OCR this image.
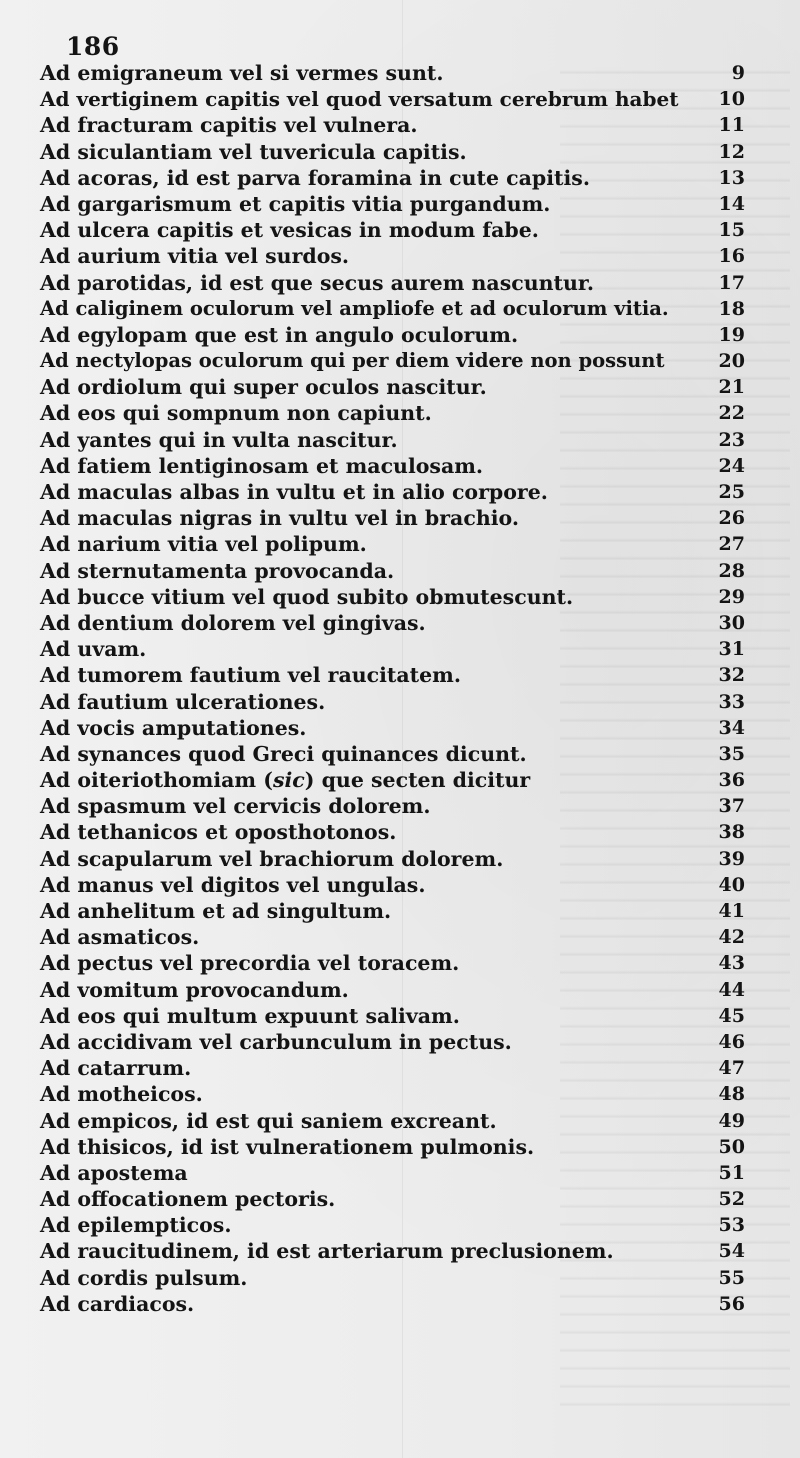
186
Ad emigraneum vel si vermes sunt.	9
Ad vertiginem capitis vel quod versatum cerebrum habet 10
Ad fracturam capitis vel vulnera.	11
Ad siculantiam vel tuvericula capitis.	12
Ad acoras, id est parva foramina in cute capitis.	13
Ad gargarismum et capitis vitia purgandum.	14
Ad ulcera capitis et vesicas in modum fabe.	15
Ad aurium vitia vel surdos.	16
Ad parotidas, id est que secus aurem nascuntur.	17
Ad caliginem oculorum vel ampliofe et ad oculorum vitia.	18
Ad egylopam que est in angulo oculorum.	19
Ad nectylopas oculorum qui per diem videre non possunt	20
Ad ordiolum qui super oculos nascitur.	21
Ad eos qui sompnum non capiunt.	22
Ad yantes qui in vulta nascitur.	23
Ad fatiem lentiginosam et maculosam.	24
Ad maculas albas in vultu et in alio corpore.	25
Ad maculas nigras in vultu vel in brachio.	26
Ad narium vitia vel polipum.	27
Ad sternutamenta provocanda.	28
Ad bucce vitium vel quod subito obmutescunt.	29
Ad dentium dolorem vel gingivas.	30
Ad uvam.	31
Ad tumorem fautium vel raucitatem.	32
Ad fautium ulcerationes.	33
Ad vocis amputationes.	34
Ad synances quod Greci quinances dicunt.	35
Ad oiteriothomiam (sic) que secten dicitur	36
Ad spasmum vel cervicis dolorem.	37
Ad tethanicos et oposthotonos.	38
Ad scapularum vel brachiorum dolorem.	39
Ad manus vel digitos vel ungulas.	40
Ad anhelitum et ad singultum.	41
Ad asmaticos.	42
Ad pectus vel precordia vel toracem.	43
Ad vomitum provocandum.	44
Ad eos qui multum expuunt salivam.	45
Ad accidivam vel carbunculum in pectus.	46
Ad catarrum.	47
Ad motheicos.	48
Ad empicos, id est qui saniem excreant.	49
Ad thisicos, id ist vulnerationem pulmonis.	50
Ad apostema	51
Ad offocationem pectoris.	52
Ad epilempticos.	53
Ad raucitudinem, id est arteriarum preclusionem.	54
Ad cordis pulsum.	55
Ad cardiacos.	56
